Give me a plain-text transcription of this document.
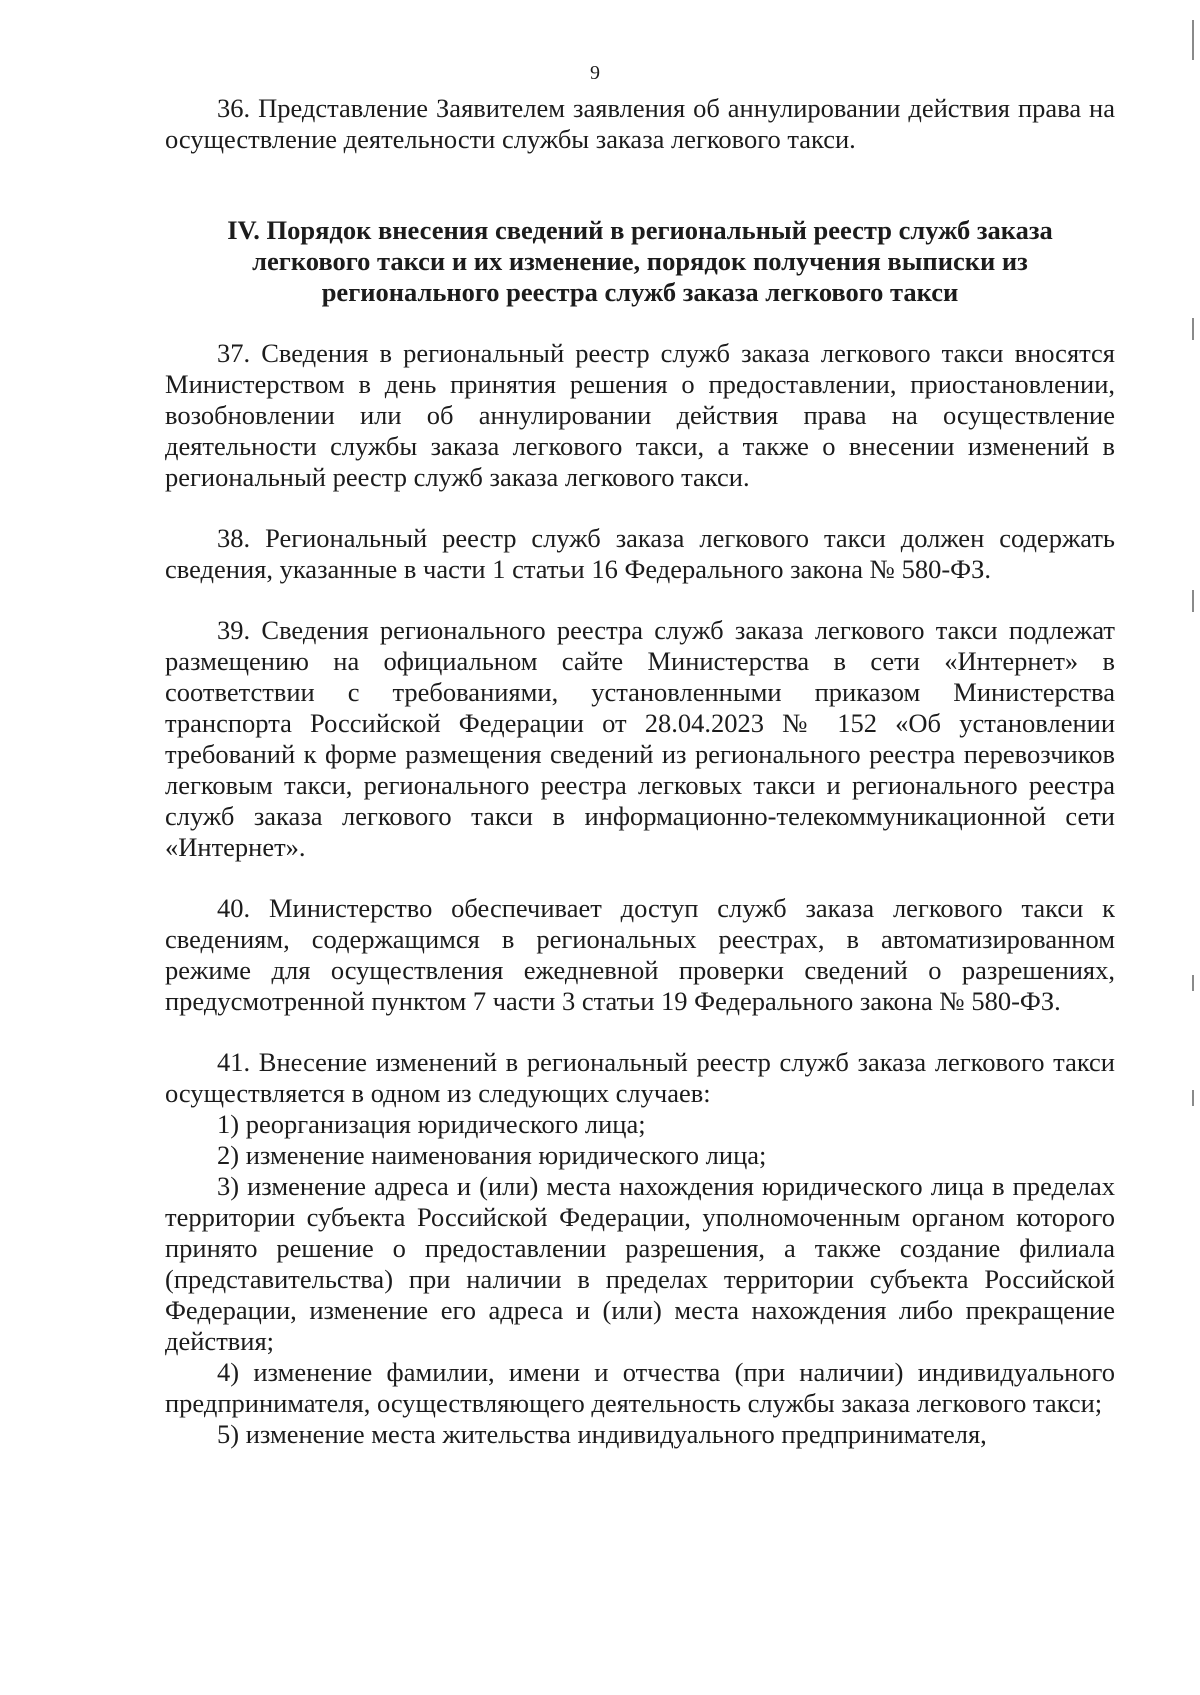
9

36. Представление Заявителем заявления об аннулировании действия права на осуществление деятельности службы заказа легкового такси.

IV. Порядок внесения сведений в региональный реестр служб заказа
легкового такси и их изменение, порядок получения выписки из
регионального реестра служб заказа легкового такси

37. Сведения в региональный реестр служб заказа легкового такси вносятся Министерством в день принятия решения о предоставлении, приостановлении, возобновлении или об аннулировании действия права на осуществление деятельности службы заказа легкового такси, а также о внесении изменений в региональный реестр служб заказа легкового такси.

38. Региональный реестр служб заказа легкового такси должен содержать сведения, указанные в части 1 статьи 16 Федерального закона № 580-ФЗ.

39. Сведения регионального реестра служб заказа легкового такси подлежат размещению на официальном сайте Министерства в сети «Интернет» в соответствии с требованиями, установленными приказом Министерства транспорта Российской Федерации от 28.04.2023 № 152 «Об установлении требований к форме размещения сведений из регионального реестра перевозчиков легковым такси, регионального реестра легковых такси и регионального реестра служб заказа легкового такси в информационно-телекоммуникационной сети «Интернет».

40. Министерство обеспечивает доступ служб заказа легкового такси к сведениям, содержащимся в региональных реестрах, в автоматизированном режиме для осуществления ежедневной проверки сведений о разрешениях, предусмотренной пунктом 7 части 3 статьи 19 Федерального закона № 580-ФЗ.

41. Внесение изменений в региональный реестр служб заказа легкового такси осуществляется в одном из следующих случаев:

1) реорганизация юридического лица;

2) изменение наименования юридического лица;

3) изменение адреса и (или) места нахождения юридического лица в пределах территории субъекта Российской Федерации, уполномоченным органом которого принято решение о предоставлении разрешения, а также создание филиала (представительства) при наличии в пределах территории субъекта Российской Федерации, изменение его адреса и (или) места нахождения либо прекращение действия;

4) изменение фамилии, имени и отчества (при наличии) индивидуального предпринимателя, осуществляющего деятельность службы заказа легкового такси;

5) изменение места жительства индивидуального предпринимателя,
